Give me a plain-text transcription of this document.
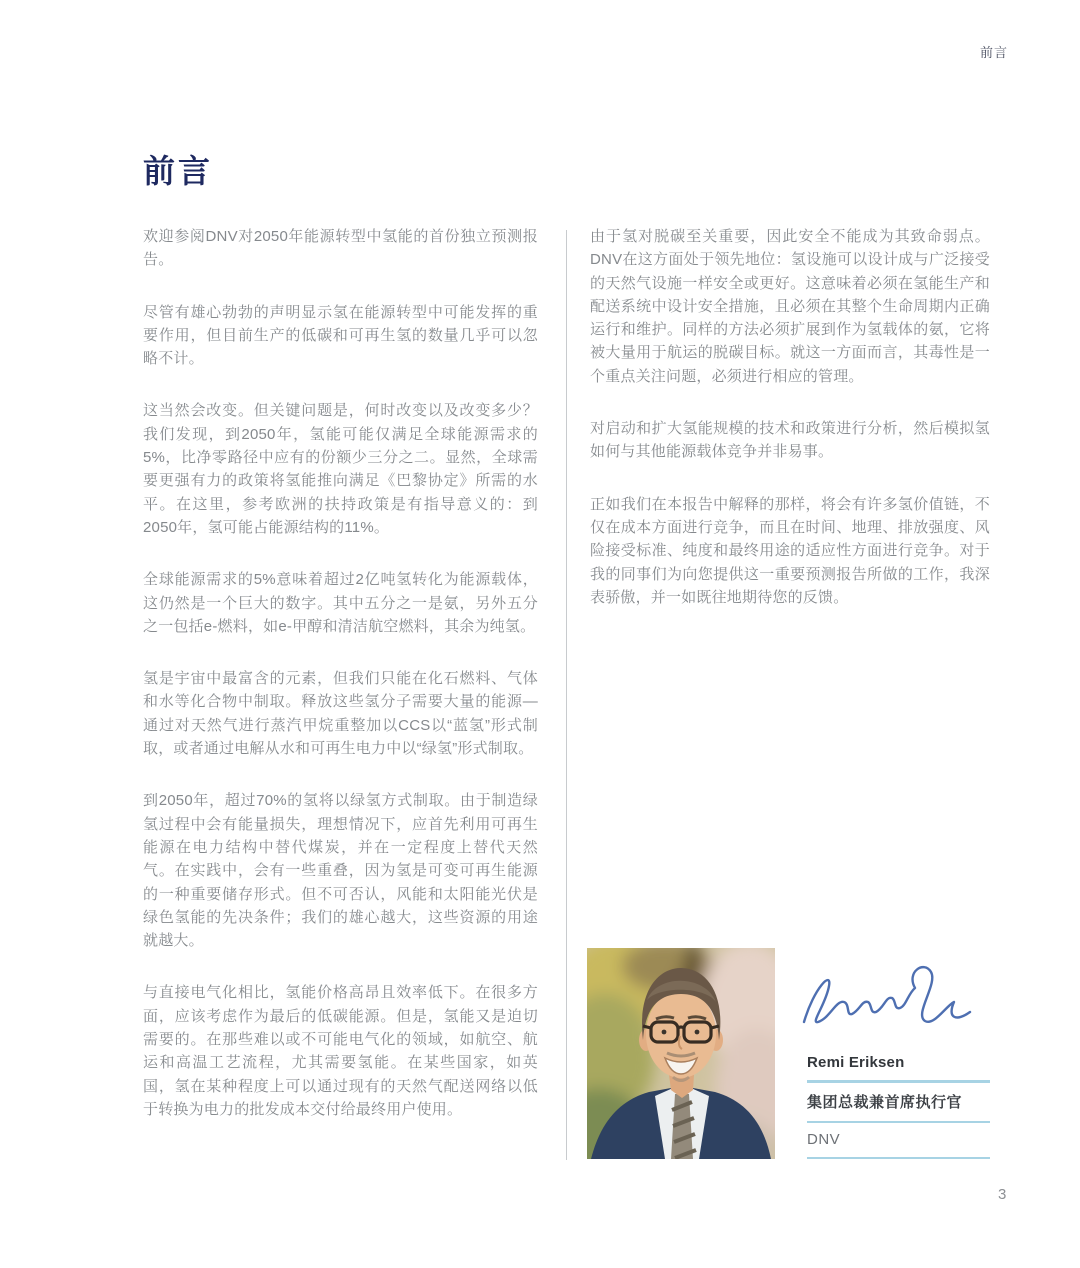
前言
前言

欢迎参阅DNV对2050年能源转型中氢能的首份独立预测报告。

尽管有雄心勃勃的声明显示氢在能源转型中可能发挥的重要作用，但目前生产的低碳和可再生氢的数量几乎可以忽略不计。

这当然会改变。但关键问题是，何时改变以及改变多少？我们发现，到2050年，氢能可能仅满足全球能源需求的5%，比净零路径中应有的份额少三分之二。显然，全球需要更强有力的政策将氢能推向满足《巴黎协定》所需的水平。在这里，参考欧洲的扶持政策是有指导意义的：到2050年，氢可能占能源结构的11%。

全球能源需求的5%意味着超过2亿吨氢转化为能源载体，这仍然是一个巨大的数字。其中五分之一是氨，另外五分之一包括e-燃料，如e-甲醇和清洁航空燃料，其余为纯氢。

氢是宇宙中最富含的元素，但我们只能在化石燃料、气体和水等化合物中制取。释放这些氢分子需要大量的能源—通过对天然气进行蒸汽甲烷重整加以CCS以“蓝氢”形式制取，或者通过电解从水和可再生电力中以“绿氢”形式制取。

到2050年，超过70%的氢将以绿氢方式制取。由于制造绿氢过程中会有能量损失，理想情况下，应首先利用可再生能源在电力结构中替代煤炭，并在一定程度上替代天然气。在实践中，会有一些重叠，因为氢是可变可再生能源的一种重要储存形式。但不可否认，风能和太阳能光伏是绿色氢能的先决条件；我们的雄心越大，这些资源的用途就越大。

与直接电气化相比，氢能价格高昂且效率低下。在很多方面，应该考虑作为最后的低碳能源。但是，氢能又是迫切需要的。在那些难以或不可能电气化的领域，如航空、航运和高温工艺流程，尤其需要氢能。在某些国家，如英国，氢在某种程度上可以通过现有的天然气配送网络以低于转换为电力的批发成本交付给最终用户使用。

由于氢对脱碳至关重要，因此安全不能成为其致命弱点。DNV在这方面处于领先地位：氢设施可以设计成与广泛接受的天然气设施一样安全或更好。这意味着必须在氢能生产和配送系统中设计安全措施，且必须在其整个生命周期内正确运行和维护。同样的方法必须扩展到作为氢载体的氨，它将被大量用于航运的脱碳目标。就这一方面而言，其毒性是一个重点关注问题，必须进行相应的管理。

对启动和扩大氢能规模的技术和政策进行分析，然后模拟氢如何与其他能源载体竞争并非易事。

正如我们在本报告中解释的那样，将会有许多氢价值链，不仅在成本方面进行竞争，而且在时间、地理、排放强度、风险接受标准、纯度和最终用途的适应性方面进行竞争。对于我的同事们为向您提供这一重要预测报告所做的工作，我深表骄傲，并一如既往地期待您的反馈。

Remi Eriksen
集团总裁兼首席执行官
DNV
3
